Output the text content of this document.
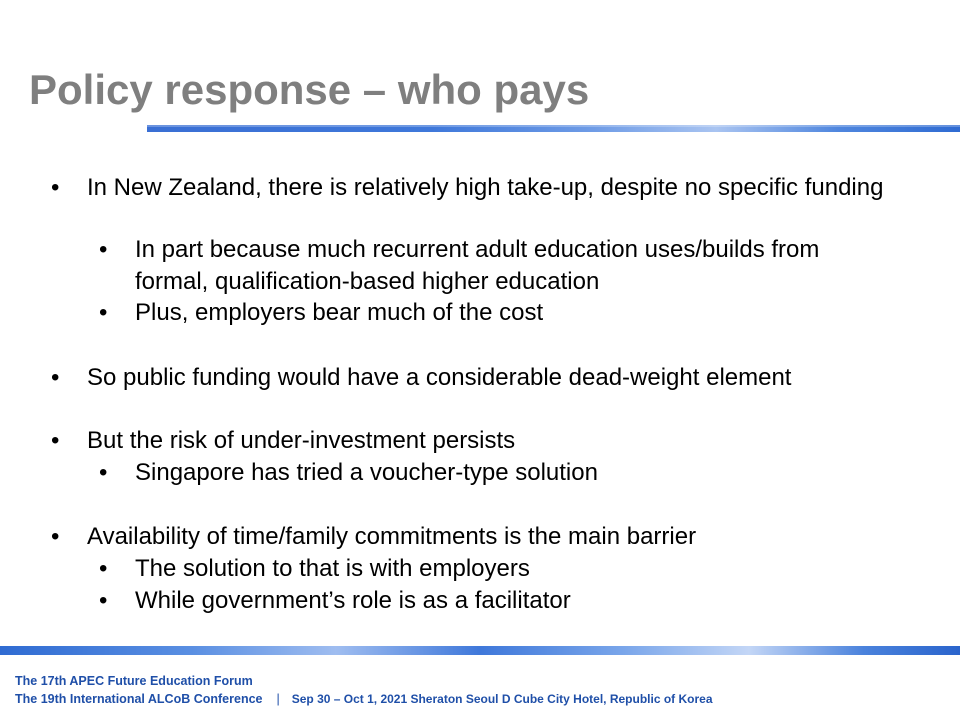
Policy response – who pays
• In New Zealand, there is relatively high take-up, despite no specific funding
• In part because much recurrent adult education uses/builds from formal, qualification-based higher education
• Plus, employers bear much of the cost
• So public funding would have a considerable dead-weight element
• But the risk of under-investment persists
• Singapore has tried a voucher-type solution
• Availability of time/family commitments is the main barrier
• The solution to that is with employers
• While government’s role is as a facilitator
The 17th APEC Future Education Forum
The 19th International ALCoB Conference | Sep 30 – Oct 1, 2021 Sheraton Seoul D Cube City Hotel, Republic of Korea
